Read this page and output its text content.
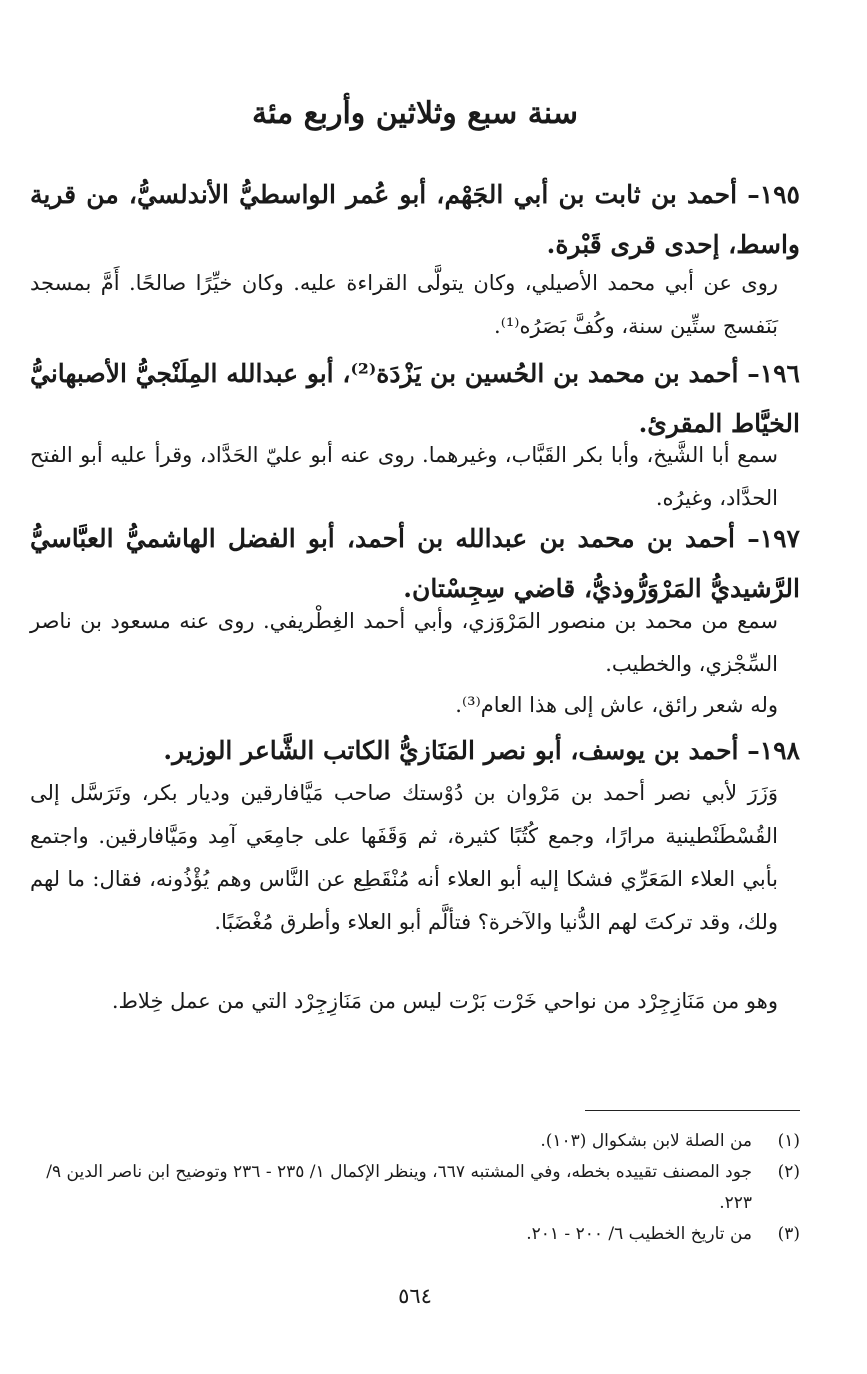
سنة سبع وثلاثين وأربع مئة

١٩٥– أحمد بن ثابت بن أبي الجَهْم، أبو عُمر الواسطيُّ الأندلسيُّ، من قرية واسط، إحدى قرى قَبْرة.

روى عن أبي محمد الأصيلي، وكان يتولَّى القراءة عليه. وكان خيِّرًا صالحًا. أَمَّ بمسجد بَنَفسج ستِّين سنة، وكُفَّ بَصَرُه⁽¹⁾.

١٩٦– أحمد بن محمد بن الحُسين بن يَزْدَة⁽²⁾، أبو عبدالله المِلَنْجيُّ الأصبهانيُّ الخيَّاط المقرئ.

سمع أبا الشَّيخ، وأبا بكر القَبَّاب، وغيرهما. روى عنه أبو عليّ الحَدَّاد، وقرأ عليه أبو الفتح الحدَّاد، وغيرُه.

١٩٧– أحمد بن محمد بن عبدالله بن أحمد، أبو الفضل الهاشميُّ العبَّاسيُّ الرَّشيديُّ المَرْوَرُّوذيُّ، قاضي سِجِسْتان.

سمع من محمد بن منصور المَرْوَزي، وأبي أحمد الغِطْريفي. روى عنه مسعود بن ناصر السِّجْزي، والخطيب.

وله شعر رائق، عاش إلى هذا العام⁽³⁾.

١٩٨– أحمد بن يوسف، أبو نصر المَنَازيُّ الكاتب الشَّاعر الوزير.

وَزَرَ لأبي نصر أحمد بن مَرْوان بن دُوْستك صاحب مَيَّافارقين وديار بكر، وتَرَسَّل إلى القُسْطَنْطينية مرارًا، وجمع كُتُبًا كثيرة، ثم وَقَفَها على جامِعَي آمِد ومَيَّافارقين. واجتمع بأبي العلاء المَعَرِّي فشكا إليه أبو العلاء أنه مُنْقَطِع عن النَّاس وهم يُؤْذُونه، فقال: ما لهم ولك، وقد تركتَ لهم الدُّنيا والآخرة؟ فتألَّم أبو العلاء وأطرق مُغْضَبًا.

وهو من مَنَازِجِرْد من نواحي خَرْت بَرْت ليس من مَنَازِجِرْد التي من عمل خِلاط.

(١)
من الصلة لابن بشكوال (١٠٣).
(٢)
جود المصنف تقييده بخطه، وفي المشتبه ٦٦٧، وينظر الإكمال ١/ ٢٣٥ - ٢٣٦ وتوضيح ابن ناصر الدين ٩/ ٢٢٣.
(٣)
من تاريخ الخطيب ٦/ ٢٠٠ - ٢٠١.
٥٦٤
